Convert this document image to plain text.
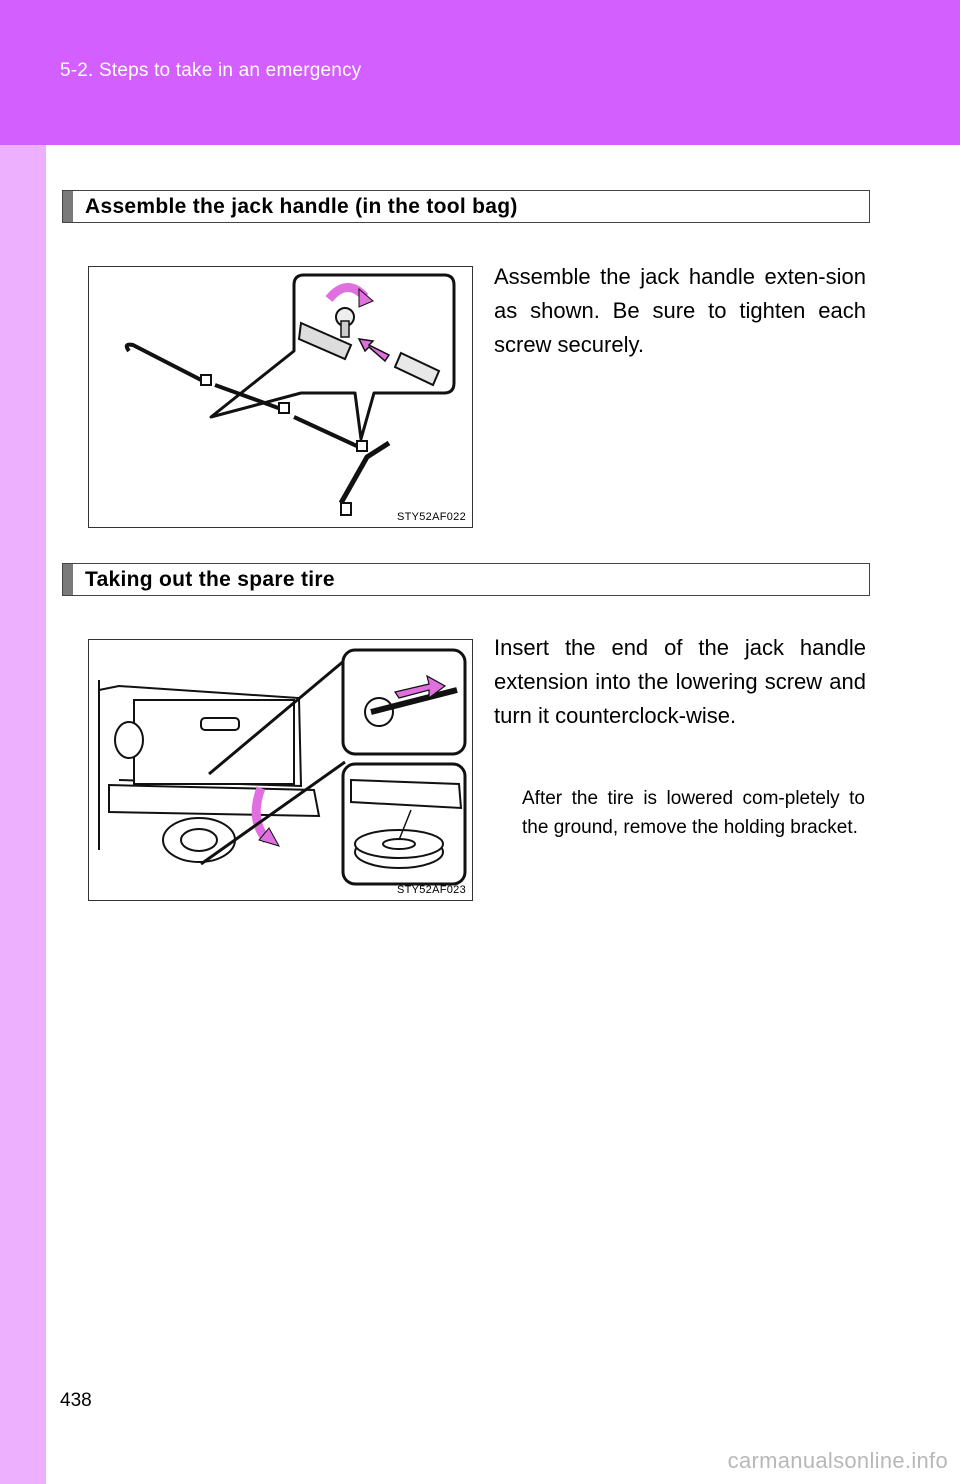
5-2. Steps to take in an emergency
Assemble the jack handle (in the tool bag)
STY52AF022
Assemble the jack handle exten-sion as shown. Be sure to tighten each screw securely.
Taking out the spare tire
STY52AF023
Insert the end of the jack handle extension into the lowering screw and turn it counterclock-wise.
After the tire is lowered com-pletely to the ground, remove the holding bracket.
438
carmanualsonline.info
